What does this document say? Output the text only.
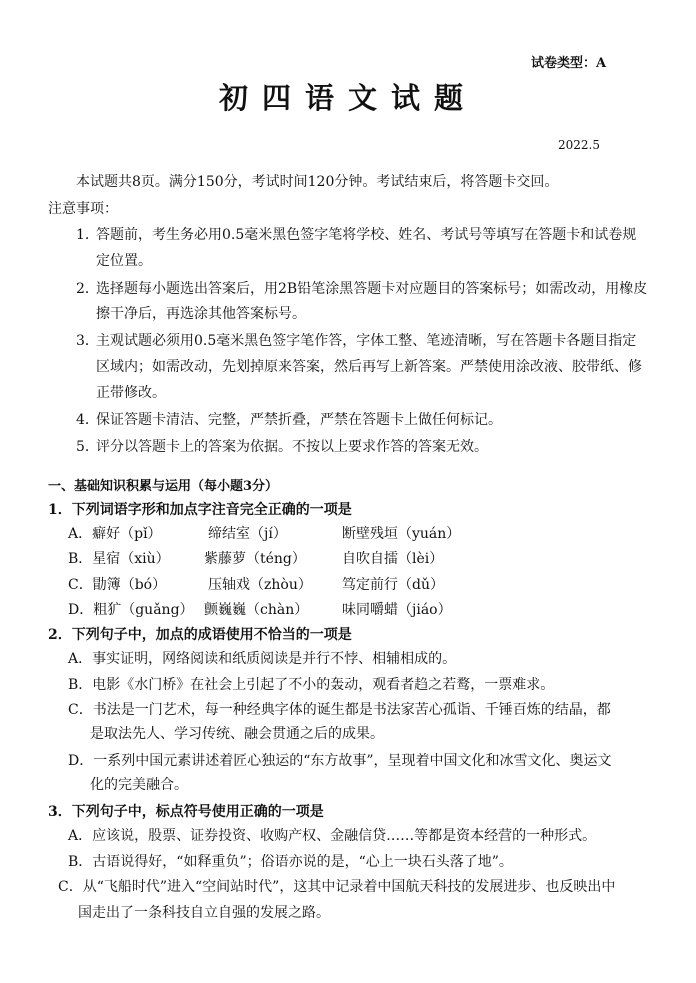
试卷类型：A
初四语文试题
2022.5
本试题共8页。满分150分，考试时间120分钟。考试结束后，将答题卡交回。
注意事项：
1．
答题前，考生务必用0.5毫米黑色签字笔将学校、姓名、考试号等填写在答题卡和试卷规
定位置。
2．
选择题每小题选出答案后，用2B铅笔涂黑答题卡对应题目的答案标号；如需改动，用橡皮
擦干净后，再选涂其他答案标号。
3．
主观试题必须用0.5毫米黑色签字笔作答，字体工整、笔迹清晰，写在答题卡各题目指定
区域内；如需改动，先划掉原来答案，然后再写上新答案。严禁使用涂改液、胶带纸、修
正带修改。
4．
保证答题卡清洁、完整，严禁折叠，严禁在答题卡上做任何标记。
5．
评分以答题卡上的答案为依据。不按以上要求作答的答案无效。
一、基础知识积累与运用（每小题3分）
1．下列词语字形和加点字注音完全正确的一项是
A．癖好（pǐ）	缔结室（jí）	断壁残垣（yuán）
B．星宿（xiù） 紫藤萝（téng）	自吹自擂（lèi）
C．勖簿（bó）	压轴戏（zhòu） 笃定前行（dǔ）
D．粗犷（guǎng） 颤巍巍（chàn） 味同嚼蜡（jiáo）
2．下列句子中，加点的成语使用不恰当的一项是
A．事实证明，网络阅读和纸质阅读是并行不悖、相辅相成的。
B．电影《水门桥》在社会上引起了不小的轰动，观看者趋之若鹜，一票难求。
C．书法是一门艺术，每一种经典字体的诞生都是书法家苦心孤诣、千锤百炼的结晶，都
是取法先人、学习传统、融会贯通之后的成果。
D．一系列中国元素讲述着匠心独运的“东方故事”，呈现着中国文化和冰雪文化、奥运文
化的完美融合。
3．下列句子中，标点符号使用正确的一项是
A．应该说，股票、证券投资、收购产权、金融信贷……等都是资本经营的一种形式。
B．古语说得好，“如释重负”；俗语亦说的是，“心上一块石头落了地”。
C．从“飞船时代”进入“空间站时代”，这其中记录着中国航天科技的发展进步、也反映出中
国走出了一条科技自立自强的发展之路。
